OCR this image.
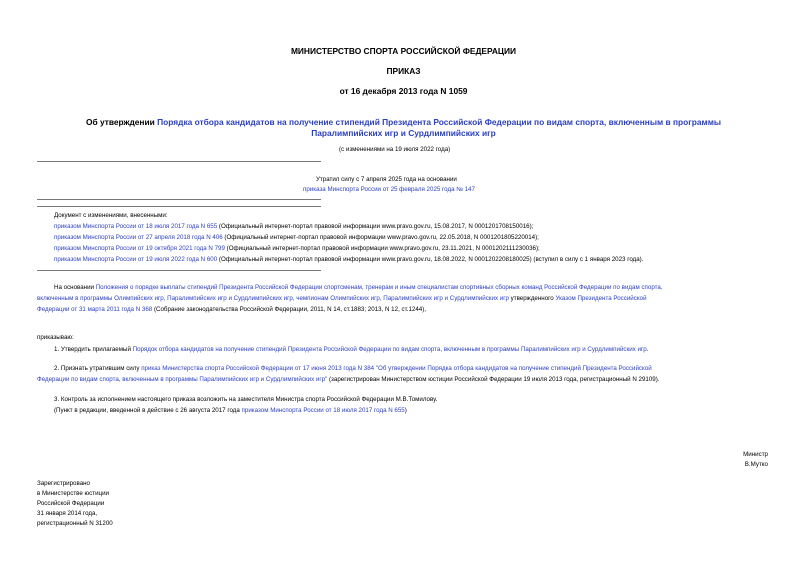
МИНИСТЕРСТВО СПОРТА РОССИЙСКОЙ ФЕДЕРАЦИИ
ПРИКАЗ
от 16 декабря 2013 года N 1059
Об утверждении Порядка отбора кандидатов на получение стипендий Президента Российской Федерации по видам спорта, включенным в программы
Паралимпийских игр и Сурдлимпийских игр
(с изменениями на 19 июля 2022 года)
Утратил силу с 7 апреля 2025 года на основании
приказа Минспорта России от 25 февраля 2025 года № 147
Документ с изменениями, внесенными:
приказом Минспорта России от 18 июля 2017 года N 655 (Официальный интернет-портал правовой информации www.pravo.gov.ru, 15.08.2017, N 0001201708150016);
приказом Минспорта России от 27 апреля 2018 года N 406 (Официальный интернет-портал правовой информации www.pravo.gov.ru, 22.05.2018, N 0001201805220014);
приказом Минспорта России от 19 октября 2021 года N 799 (Официальный интернет-портал правовой информации www.pravo.gov.ru, 23.11.2021, N 0001202111230036);
приказом Минспорта России от 19 июля 2022 года N 600 (Официальный интернет-портал правовой информации www.pravo.gov.ru, 18.08.2022, N 0001202208180025) (вступил в силу с 1 января 2023 года).
На основании Положения о порядке выплаты стипендий Президента Российской Федерации спортсменам, тренерам и иным специалистам спортивных сборных команд Российской Федерации по видам спорта,
включенным в программы Олимпийских игр, Паралимпийских игр и Сурдлимпийских игр, чемпионам Олимпийских игр, Паралимпийских игр и Сурдлимпийских игр утвержденного Указом Президента Российской
Федерации от 31 марта 2011 года N 368 (Собрание законодательства Российской Федерации, 2011, N 14, ст.1883; 2013, N 12, ст.1244),
приказываю:
1. Утвердить прилагаемый Порядок отбора кандидатов на получение стипендий Президента Российской Федерации по видам спорта, включенным в программы Паралимпийских игр и Сурдлимпийских игр.
2. Признать утратившим силу приказ Министерства спорта Российской Федерации от 17 июня 2013 года N 384 "Об утверждении Порядка отбора кандидатов на получение стипендий Президента Российской
Федерации по видам спорта, включенным в программы Паралимпийских игр и Сурдлимпийских игр" (зарегистрирован Министерством юстиции Российской Федерации 19 июля 2013 года, регистрационный N 29109).
3. Контроль за исполнением настоящего приказа возложить на заместителя Министра спорта Российской Федерации М.В.Томилову.
(Пункт в редакции, введенной в действие с 26 августа 2017 года приказом Минспорта России от 18 июля 2017 года N 655)
Министр
В.Мутко
Зарегистрировано
в Министерстве юстиции
Российской Федерации
31 января 2014 года,
регистрационный N 31200
